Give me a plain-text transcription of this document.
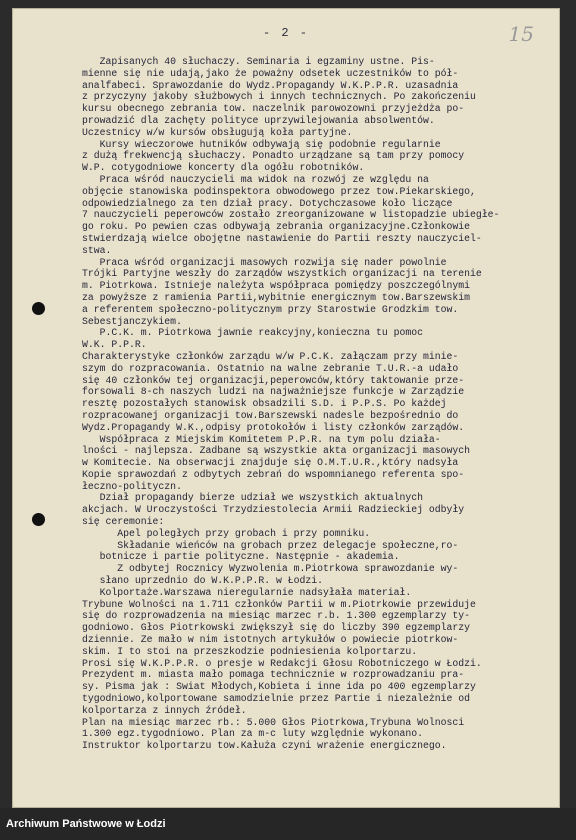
- 2 -	15
Zapisanych 40 słuchaczy. Seminaria i egzaminy ustne. Pis-
mienne się nie udają,jako że poważny odsetek uczestników to pół-
analfabeci. Sprawozdanie do Wydz.Propagandy W.K.P.P.R. uzasadnia
z przyczyny jakoby służbowych i innych technicznych. Po zakończeniu
kursu obecnego zebrania tow. naczelnik parowozowni przyjeżdża po-
prowadzić dla zachęty polityce uprzywilejowania absolwentów.
Uczestnicy w/w kursów obsługują koła partyjne.
Kursy wieczorowe hutników odbywają się podobnie regularnie
z dużą frekwencją słuchaczy. Ponadto urządzane są tam przy pomocy
W.P. cotygodniowe koncerty dla ogółu robotników.
Praca wśród nauczycieli ma widok na rozwój ze względu na
objęcie stanowiska podinspektora obwodowego przez tow.Piekarskiego,
odpowiedzialnego za ten dział pracy. Dotychczasowe koło liczące
7 nauczycieli peperowców zostało zreorganizowane w listopadzie ubiegłe-
go roku. Po pewien czas odbywają zebrania organizacyjne.Członkowie
stwierdzają wielce obojętne nastawienie do Partii reszty nauczyciel-
stwa.
Praca wśród organizacji masowych rozwija się nader powolnie
Trójki Partyjne weszły do zarządów wszystkich organizacji na terenie
m. Piotrkowa. Istnieje należyta współpraca pomiędzy poszczególnymi
za powyższe z ramienia Partii,wybitnie energicznym tow.Barszewskim
a referentem społeczno-politycznym przy Starostwie Grodzkim tow.
Sebestjanczykiem.
P.C.K. m. Piotrkowa jawnie reakcyjny,konieczna tu pomoc
W.K. P.P.R.
Charakterystyke członków zarządu w/w P.C.K. załączam przy minie-
szym do rozpracowania. Ostatnio na walne zebranie T.U.R.-a udało
się 40 członków tej organizacji,peperowców,który taktowanie prze-
forsowali 8-ch naszych ludzi na najważniejsze funkcje w Zarządzie
resztę pozostałych stanowisk obsadzili S.D. i P.P.S. Po każdej
rozpracowanej organizacji tow.Barszewski nadesle bezpośrednio do
Wydz.Propagandy W.K.,odpisy protokołów i listy członków zarządów.
Współpraca z Miejskim Komitetem P.P.R. na tym polu działa-
lności - najlepsza. Zadbane są wszystkie akta organizacji masowych
w Komitecie. Na obserwacji znajduje się O.M.T.U.R.,który nadsyła
Kopie sprawozdań z odbytych zebrań do wspomnianego referenta spo-
łeczno-polityczn.
Dział propagandy bierze udział we wszystkich aktualnych
akcjach. W Uroczystości Trzydziestolecia Armii Radzieckiej odbyły
się ceremonie:
Apel poległych przy grobach i przy pomniku.
Składanie wieńców na grobach przez delegacje społeczne,ro-
botnicze i partie polityczne. Następnie - akademia.
Z odbytej Rocznicy Wyzwolenia m.Piotrkowa sprawozdanie wy-
słano uprzednio do W.K.P.P.R. w Łodzi.
Kolportaże.Warszawa nieregularnie nadsyłała materiał.
Trybune Wolności na 1.711 członków Partii w m.Piotrkowie przewiduje
się do rozprowadzenia na miesiąc marzec r.b. 1.300 egzemplarzy ty-
godniowo. Głos Piotrkowski zwiększył się do liczby 390 egzemplarzy
dziennie. Ze mało w nim istotnych artykułów o powiecie piotrkow-
skim. I to stoi na przeszkodzie podniesienia kolportarzu.
Prosi się W.K.P.P.R. o presje w Redakcji Głosu Robotniczego w Łodzi.
Prezydent m. miasta mało pomaga technicznie w rozprowadzaniu pra-
sy. Pisma jak : Swiat Młodych,Kobieta i inne ida po 400 egzemplarzy
tygodniowo,kolportowane samodzielnie przez Partie i niezależnie od
kolportarza z innych źródeł.
Plan na miesiąc marzec rb.: 5.000 Głos Piotrkowa,Trybuna Wolnosci
1.300 egz.tygodniowo. Plan za m-c luty względnie wykonano.
Instruktor kolportarzu tow.Kałuża czyni wrażenie energicznego.
Archiwum Państwowe w Łodzi
